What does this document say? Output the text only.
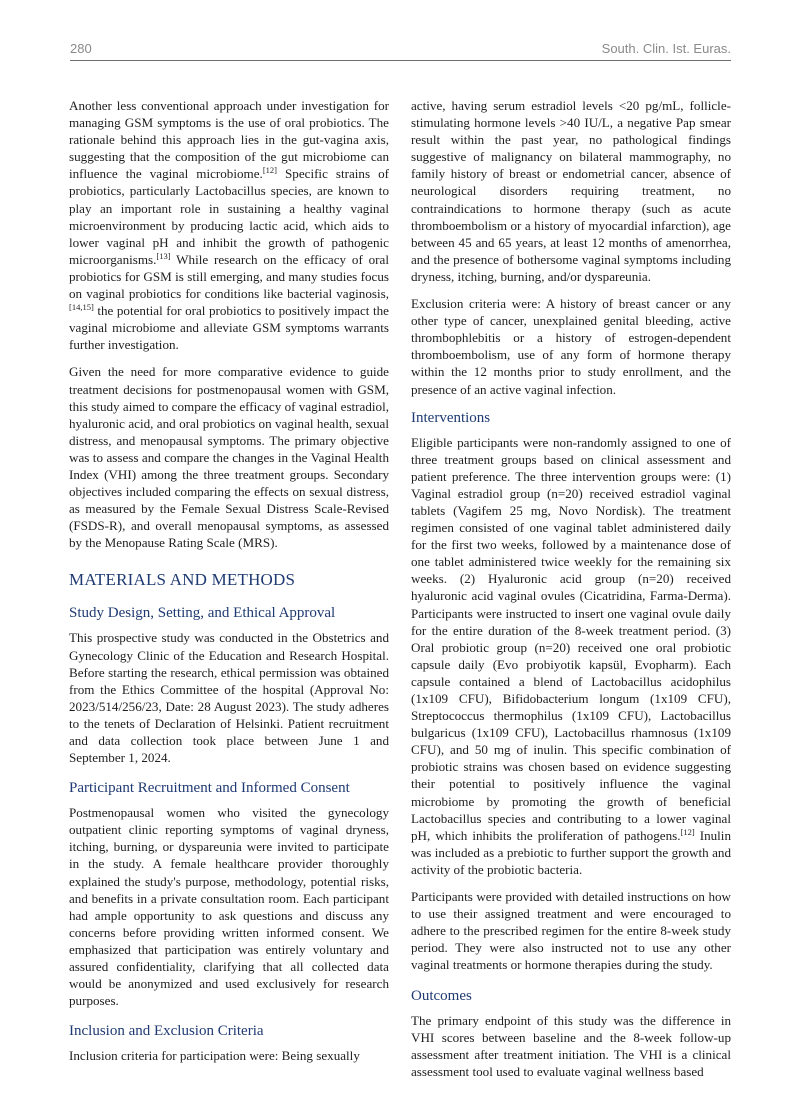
280	South. Clin. Ist. Euras.

Another less conventional approach under investigation for managing GSM symptoms is the use of oral probiotics. The rationale behind this approach lies in the gut-vagina axis, suggesting that the composition of the gut microbiome can influence the vaginal microbiome.[12] Specific strains of probiotics, particularly Lactobacillus species, are known to play an important role in sustaining a healthy vaginal microenvironment by producing lactic acid, which aids to lower vaginal pH and inhibit the growth of pathogenic microorganisms.[13] While research on the efficacy of oral probiotics for GSM is still emerging, and many studies focus on vaginal probiotics for conditions like bacterial vaginosis,[14,15] the potential for oral probiotics to positively impact the vaginal microbiome and alleviate GSM symptoms warrants further investigation.

Given the need for more comparative evidence to guide treatment decisions for postmenopausal women with GSM, this study aimed to compare the efficacy of vaginal estradiol, hyaluronic acid, and oral probiotics on vaginal health, sexual distress, and menopausal symptoms. The primary objective was to assess and compare the changes in the Vaginal Health Index (VHI) among the three treatment groups. Secondary objectives included comparing the effects on sexual distress, as measured by the Female Sexual Distress Scale-Revised (FSDS-R), and overall menopausal symptoms, as assessed by the Menopause Rating Scale (MRS).

MATERIALS AND METHODS
Study Design, Setting, and Ethical Approval

This prospective study was conducted in the Obstetrics and Gynecology Clinic of the Education and Research Hospital. Before starting the research, ethical permission was obtained from the Ethics Committee of the hospital (Approval No: 2023/514/256/23, Date: 28 August 2023). The study adheres to the tenets of Declaration of Helsinki. Patient recruitment and data collection took place between June 1 and September 1, 2024.

Participant Recruitment and Informed Consent

Postmenopausal women who visited the gynecology outpatient clinic reporting symptoms of vaginal dryness, itching, burning, or dyspareunia were invited to participate in the study. A female healthcare provider thoroughly explained the study's purpose, methodology, potential risks, and benefits in a private consultation room. Each participant had ample opportunity to ask questions and discuss any concerns before providing written informed consent. We emphasized that participation was entirely voluntary and assured confidentiality, clarifying that all collected data would be anonymized and used exclusively for research purposes.

Inclusion and Exclusion Criteria

Inclusion criteria for participation were: Being sexually

active, having serum estradiol levels <20 pg/mL, follicle-stimulating hormone levels >40 IU/L, a negative Pap smear result within the past year, no pathological findings suggestive of malignancy on bilateral mammography, no family history of breast or endometrial cancer, absence of neurological disorders requiring treatment, no contraindications to hormone therapy (such as acute thromboembolism or a history of myocardial infarction), age between 45 and 65 years, at least 12 months of amenorrhea, and the presence of bothersome vaginal symptoms including dryness, itching, burning, and/or dyspareunia.

Exclusion criteria were: A history of breast cancer or any other type of cancer, unexplained genital bleeding, active thrombophlebitis or a history of estrogen-dependent thromboembolism, use of any form of hormone therapy within the 12 months prior to study enrollment, and the presence of an active vaginal infection.

Interventions

Eligible participants were non-randomly assigned to one of three treatment groups based on clinical assessment and patient preference. The three intervention groups were: (1) Vaginal estradiol group (n=20) received estradiol vaginal tablets (Vagifem 25 mg, Novo Nordisk). The treatment regimen consisted of one vaginal tablet administered daily for the first two weeks, followed by a maintenance dose of one tablet administered twice weekly for the remaining six weeks. (2) Hyaluronic acid group (n=20) received hyaluronic acid vaginal ovules (Cicatridina, Farma-Derma). Participants were instructed to insert one vaginal ovule daily for the entire duration of the 8-week treatment period. (3) Oral probiotic group (n=20) received one oral probiotic capsule daily (Evo probiyotik kapsül, Evopharm). Each capsule contained a blend of Lactobacillus acidophilus (1x109 CFU), Bifidobacterium longum (1x109 CFU), Streptococcus thermophilus (1x109 CFU), Lactobacillus bulgaricus (1x109 CFU), Lactobacillus rhamnosus (1x109 CFU), and 50 mg of inulin. This specific combination of probiotic strains was chosen based on evidence suggesting their potential to positively influence the vaginal microbiome by promoting the growth of beneficial Lactobacillus species and contributing to a lower vaginal pH, which inhibits the proliferation of pathogens.[12] Inulin was included as a prebiotic to further support the growth and activity of the probiotic bacteria.

Participants were provided with detailed instructions on how to use their assigned treatment and were encouraged to adhere to the prescribed regimen for the entire 8-week study period. They were also instructed not to use any other vaginal treatments or hormone therapies during the study.

Outcomes

The primary endpoint of this study was the difference in VHI scores between baseline and the 8-week follow-up assessment after treatment initiation. The VHI is a clinical assessment tool used to evaluate vaginal wellness based
